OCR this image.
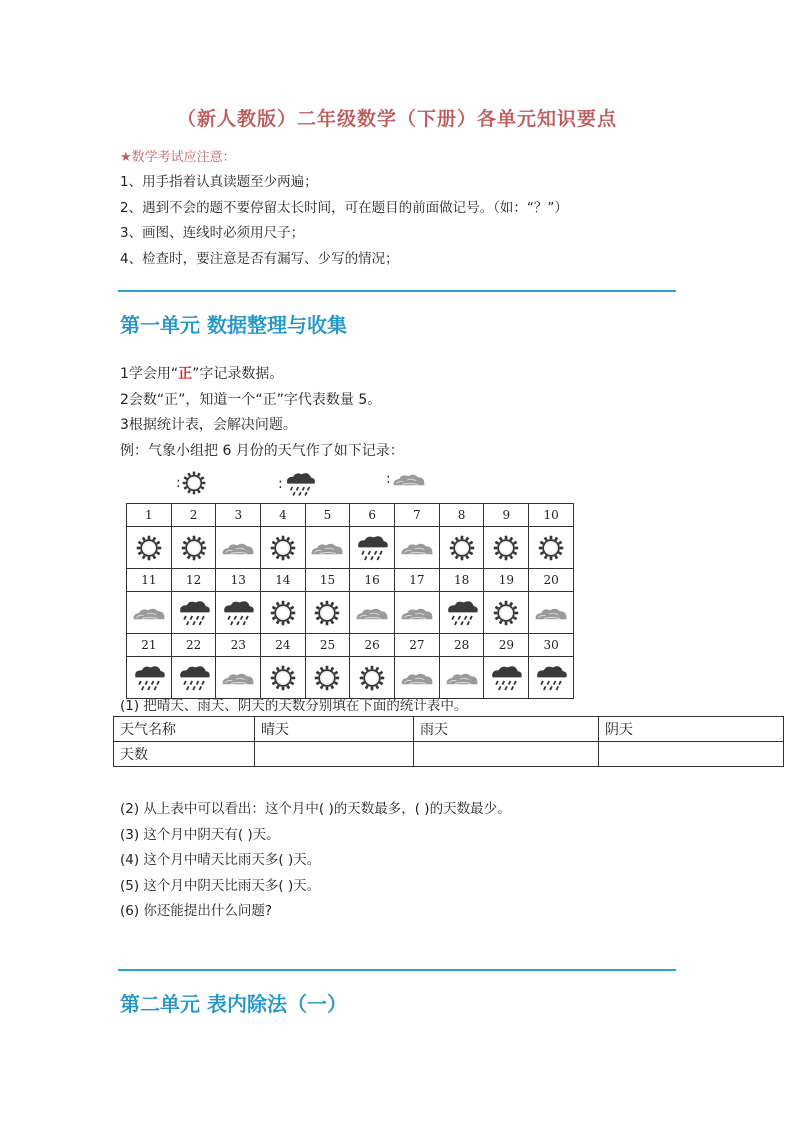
（新人教版）二年级数学（下册）各单元知识要点
★数学考试应注意：
1、用手指着认真读题至少两遍；
2、遇到不会的题不要停留太长时间，可在题目的前面做记号。（如：“？”）
3、画图、连线时必须用尺子；
4、检查时，要注意是否有漏写、少写的情况；
第一单元 数据整理与收集
1学会用“正”字记录数据。
2会数“正”，知道一个“正”字代表数量 5。
3根据统计表，会解决问题。
例：气象小组把 6 月份的天气作了如下记录：
:	:	:
1	2	3	4	5	6	7	8	9	10

11	12	13	14	15	16	17	18	19	20

21	22	23	24	25	26	27	28	29	30

(1) 把晴天、雨天、阴天的天数分别填在下面的统计表中。
天气名称	晴天	雨天	阴天
天数			
(2) 从上表中可以看出：这个月中( )的天数最多，( )的天数最少。
(3) 这个月中阴天有( )天。
(4) 这个月中晴天比雨天多( )天。
(5) 这个月中阴天比雨天多( )天。
(6) 你还能提出什么问题?
第二单元 表内除法（一）
